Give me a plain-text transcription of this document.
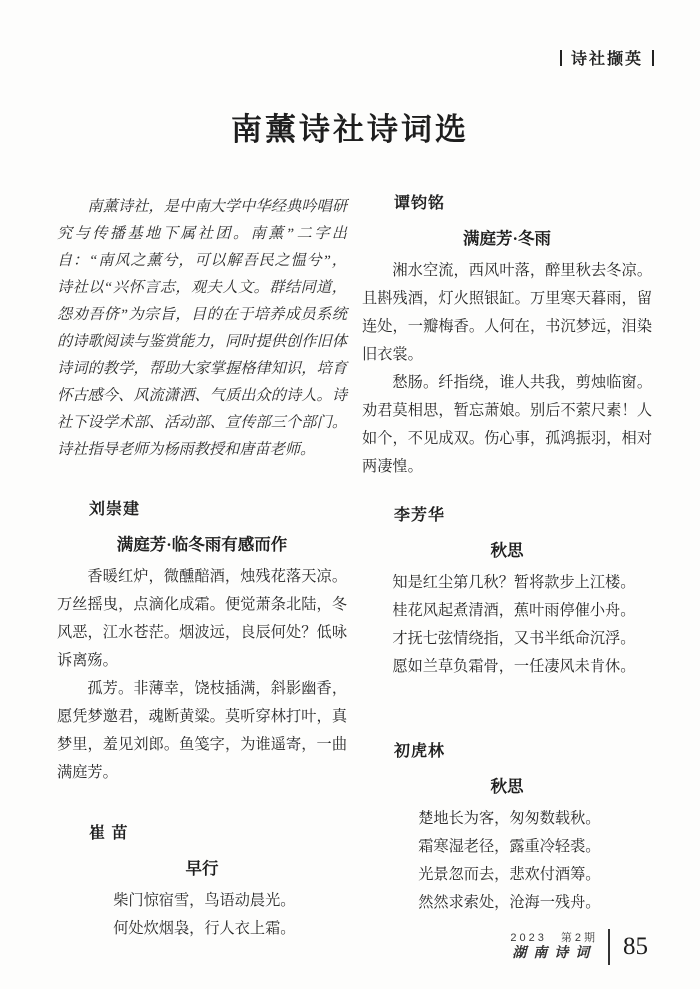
诗社撷英
南薰诗社诗词选

南薰诗社，是中南大学中华经典吟唱研究与传播基地下属社团。南薰”二字出自：“南风之薰兮，可以解吾民之愠兮”，诗社以“兴怀言志，观夫人文。群结同道，怨劝吾侪”为宗旨，目的在于培养成员系统的诗歌阅读与鉴赏能力，同时提供创作旧体诗词的教学，帮助大家掌握格律知识，培育怀古感今、风流潇洒、气质出众的诗人。诗社下设学术部、活动部、宣传部三个部门。诗社指导老师为杨雨教授和唐苗老师。

刘崇建
满庭芳·临冬雨有感而作

香暖红炉，微醺醅酒，烛残花落天凉。万丝摇曳，点滴化成霜。便觉萧条北陆，冬风恶，江水苍茫。烟波远，良辰何处？低咏诉离殇。

孤芳。非薄幸，饶枝插满，斜影幽香，愿凭梦邀君，魂断黄粱。莫听穿林打叶，真梦里，羞见刘郎。鱼笺字，为谁遥寄，一曲满庭芳。

崔 苗
早行

柴门惊宿雪，鸟语动晨光。

何处炊烟袅，行人衣上霜。

谭钧铭
满庭芳·冬雨

湘水空流，西风叶落，醉里秋去冬凉。且斟残酒，灯火照银缸。万里寒天暮雨，留连处，一瓣梅香。人何在，书沉梦远，泪染旧衣裳。

愁肠。纤指绕，谁人共我，剪烛临窗。劝君莫相思，暂忘萧娘。别后不萦尺素！人如个，不见成双。伤心事，孤鸿振羽，相对两凄惶。

李芳华
秋思

知是红尘第几秋？暂将款步上江楼。

桂花风起煮清酒，蕉叶雨停催小舟。

才抚七弦情绕指，又书半纸命沉浮。

愿如兰草负霜骨，一任凄风未肯休。

初虎林
秋思

楚地长为客，匆匆数载秋。

霜寒湿老径，露重冷轻裘。

光景忽而去，悲欢付酒筹。

然然求索处，沧海一残舟。

2023　第2期
湖南诗词 85
